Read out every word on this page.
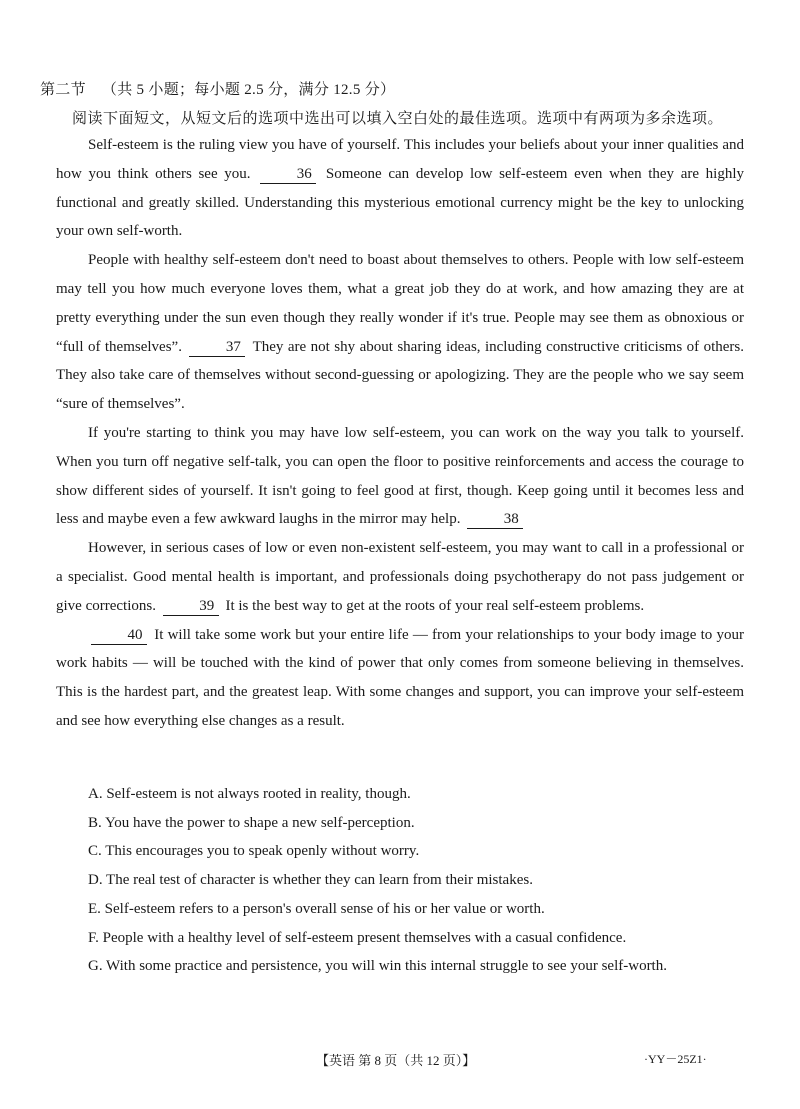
第二节 （共 5 小题；每小题 2.5 分，满分 12.5 分）
阅读下面短文，从短文后的选项中选出可以填入空白处的最佳选项。选项中有两项为多余选项。

Self-esteem is the ruling view you have of yourself. This includes your beliefs about your inner qualities and how you think others see you.	36 Someone can develop low self-esteem even when they are highly functional and greatly skilled. Understanding this mysterious emotional currency might be the key to unlocking your own self-worth.

People with healthy self-esteem don't need to boast about themselves to others. People with low self-esteem may tell you how much everyone loves them, what a great job they do at work, and how amazing they are at pretty everything under the sun even though they really wonder if it's true. People may see them as obnoxious or “full of themselves”.	37 They are not shy about sharing ideas, including constructive criticisms of others. They also take care of themselves without second-guessing or apologizing. They are the people who we say seem “sure of themselves”.

If you're starting to think you may have low self-esteem, you can work on the way you talk to yourself. When you turn off negative self-talk, you can open the floor to positive reinforcements and access the courage to show different sides of yourself. It isn't going to feel good at first, though. Keep going until it becomes less and less and maybe even a few awkward laughs in the mirror may help.	38

However, in serious cases of low or even non-existent self-esteem, you may want to call in a professional or a specialist. Good mental health is important, and professionals doing psychotherapy do not pass judgement or give corrections.	39 It is the best way to get at the roots of your real self-esteem problems.

40 It will take some work but your entire life — from your relationships to your body image to your work habits — will be touched with the kind of power that only comes from someone believing in themselves. This is the hardest part, and the greatest leap. With some changes and support, you can improve your self-esteem and see how everything else changes as a result.

A. Self-esteem is not always rooted in reality, though.
B. You have the power to shape a new self-perception.
C. This encourages you to speak openly without worry.
D. The real test of character is whether they can learn from their mistakes.
E. Self-esteem refers to a person's overall sense of his or her value or worth.
F. People with a healthy level of self-esteem present themselves with a casual confidence.
G. With some practice and persistence, you will win this internal struggle to see your self-worth.
【英语 第 8 页（共 12 页）】	·YY－25Z1·
